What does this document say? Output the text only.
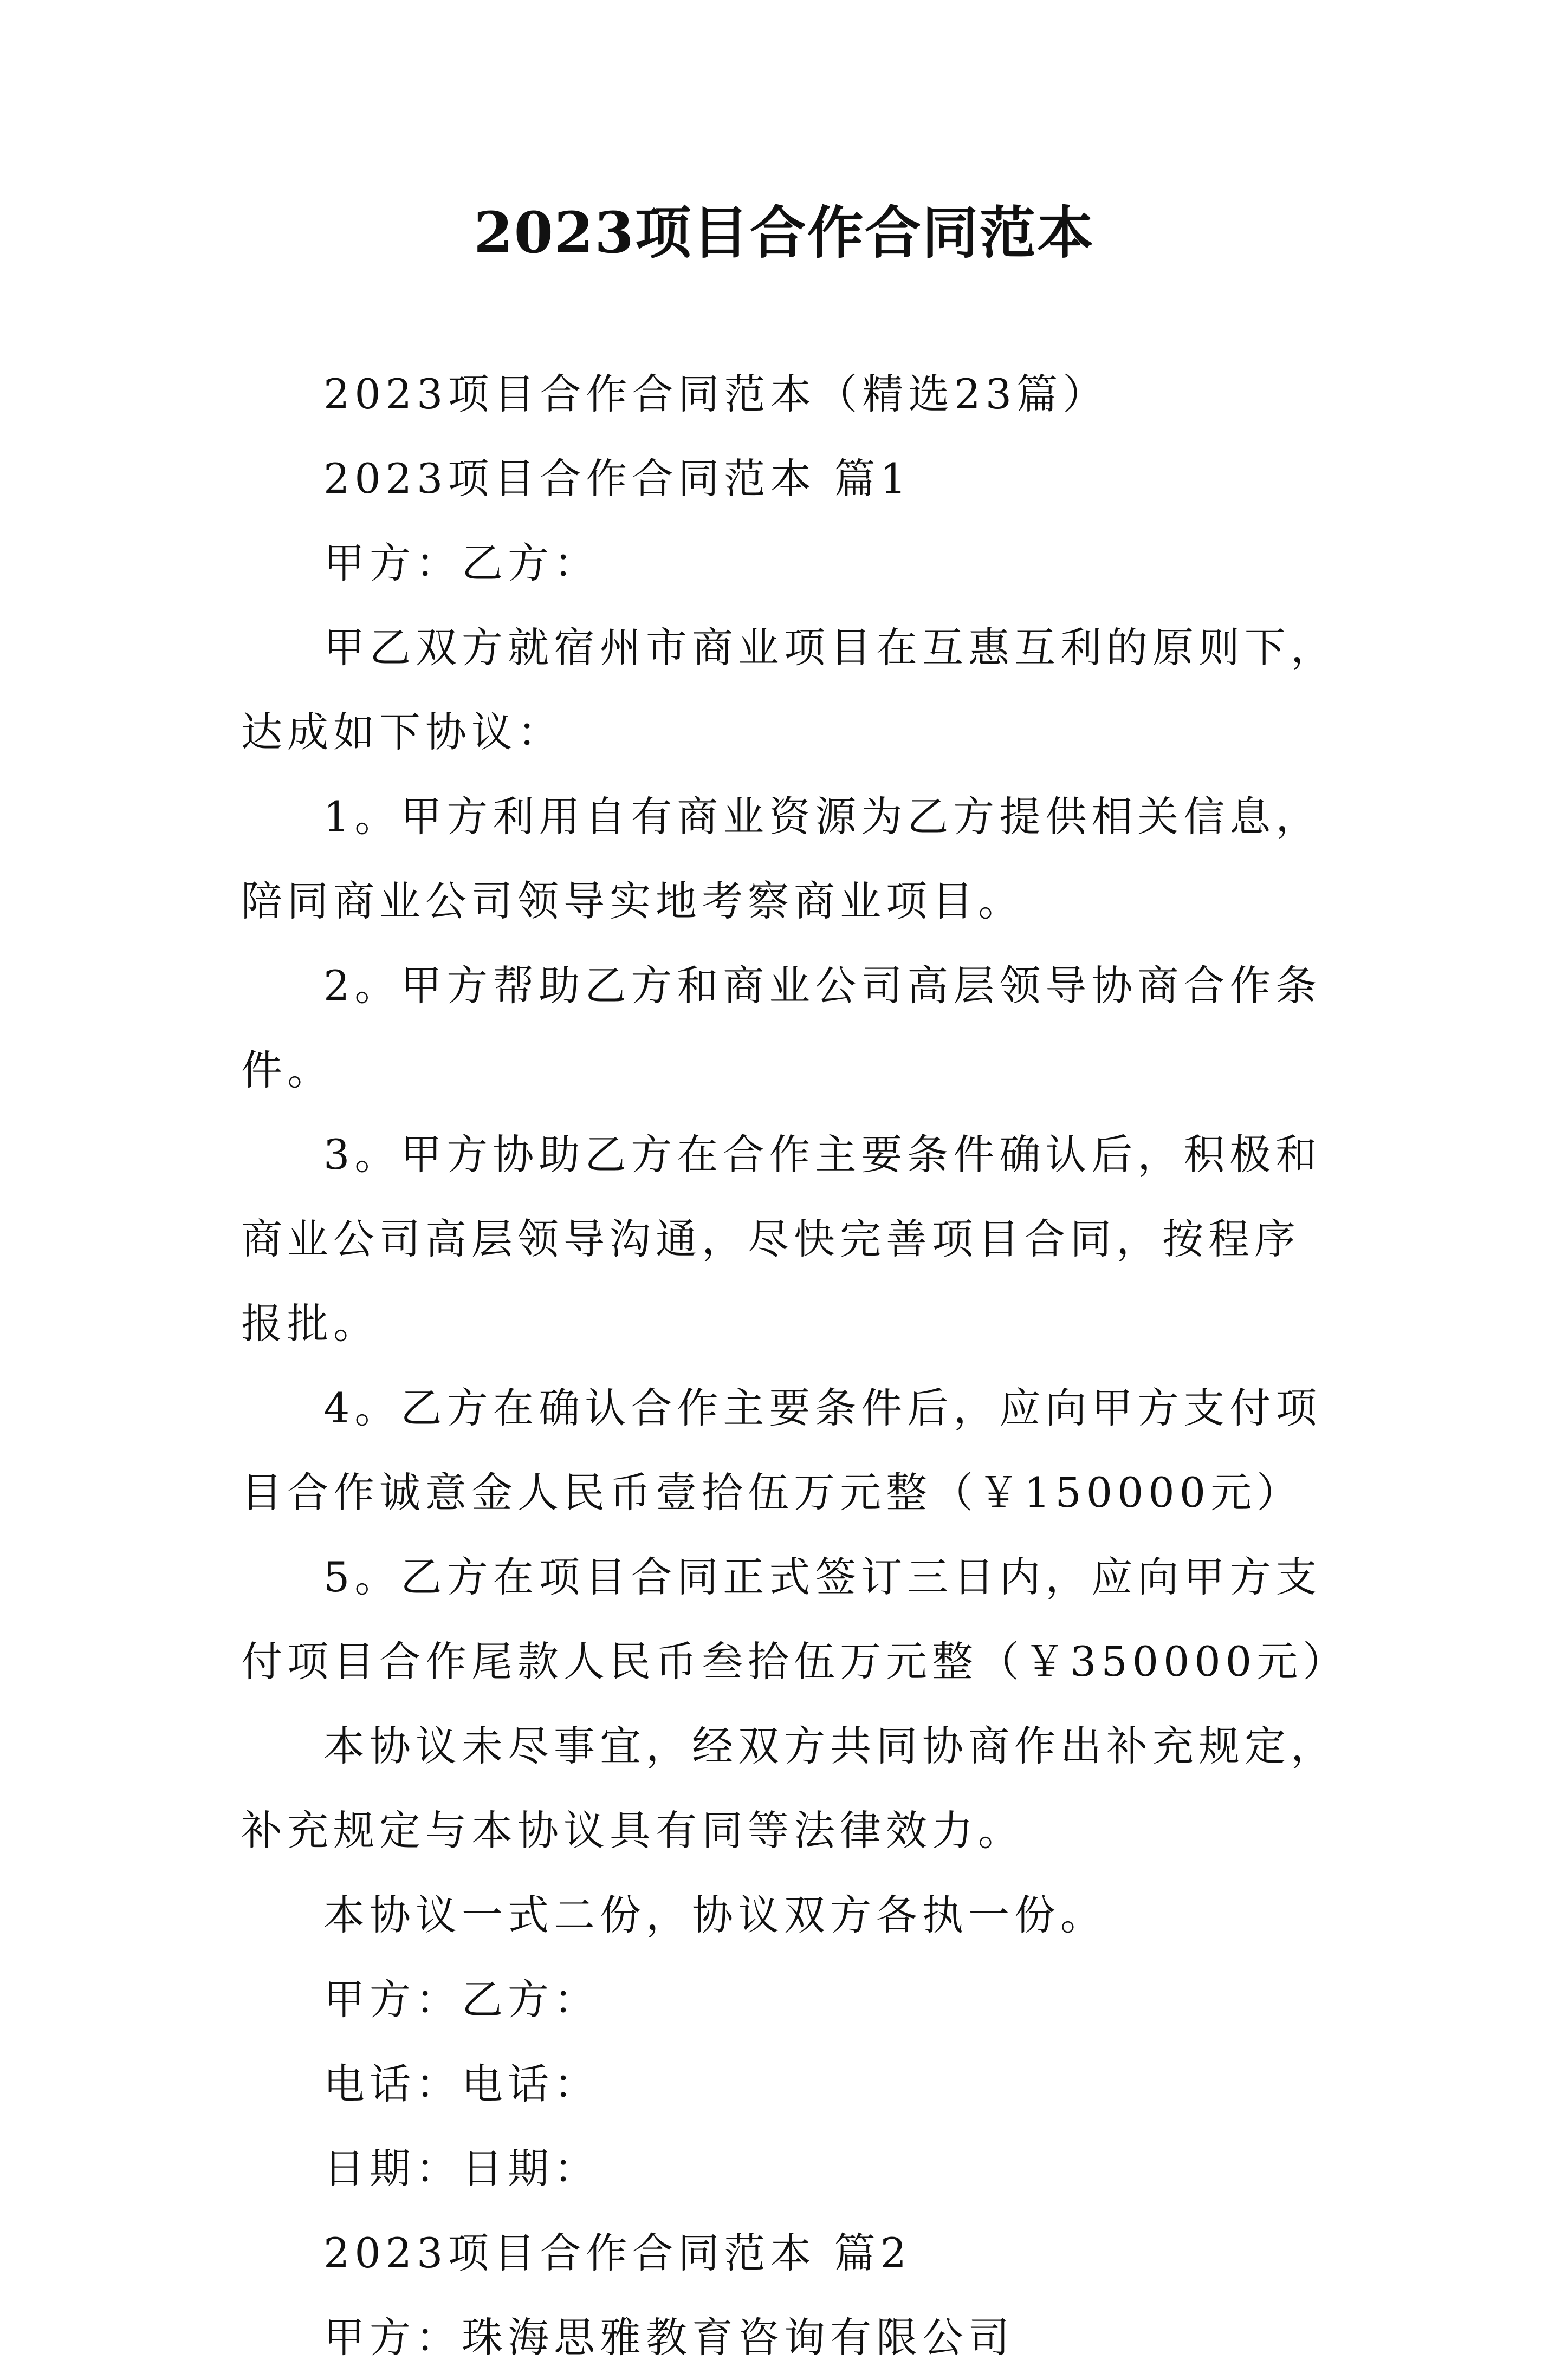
2023项目合作合同范本

2023项目合作合同范本（精选23篇）

2023项目合作合同范本 篇1

甲方：乙方：

甲乙双方就宿州市商业项目在互惠互利的原则下，达成如下协议：

1。甲方利用自有商业资源为乙方提供相关信息，陪同商业公司领导实地考察商业项目。

2。甲方帮助乙方和商业公司高层领导协商合作条件。

3。甲方协助乙方在合作主要条件确认后，积极和商业公司高层领导沟通，尽快完善项目合同，按程序报批。

4。乙方在确认合作主要条件后，应向甲方支付项目合作诚意金人民币壹拾伍万元整（￥150000元）

5。乙方在项目合同正式签订三日内，应向甲方支付项目合作尾款人民币叁拾伍万元整（￥350000元）

本协议未尽事宜，经双方共同协商作出补充规定，补充规定与本协议具有同等法律效力。

本协议一式二份，协议双方各执一份。

甲方：乙方：

电话：电话：

日期：日期：

2023项目合作合同范本 篇2

甲方：珠海思雅教育咨询有限公司
